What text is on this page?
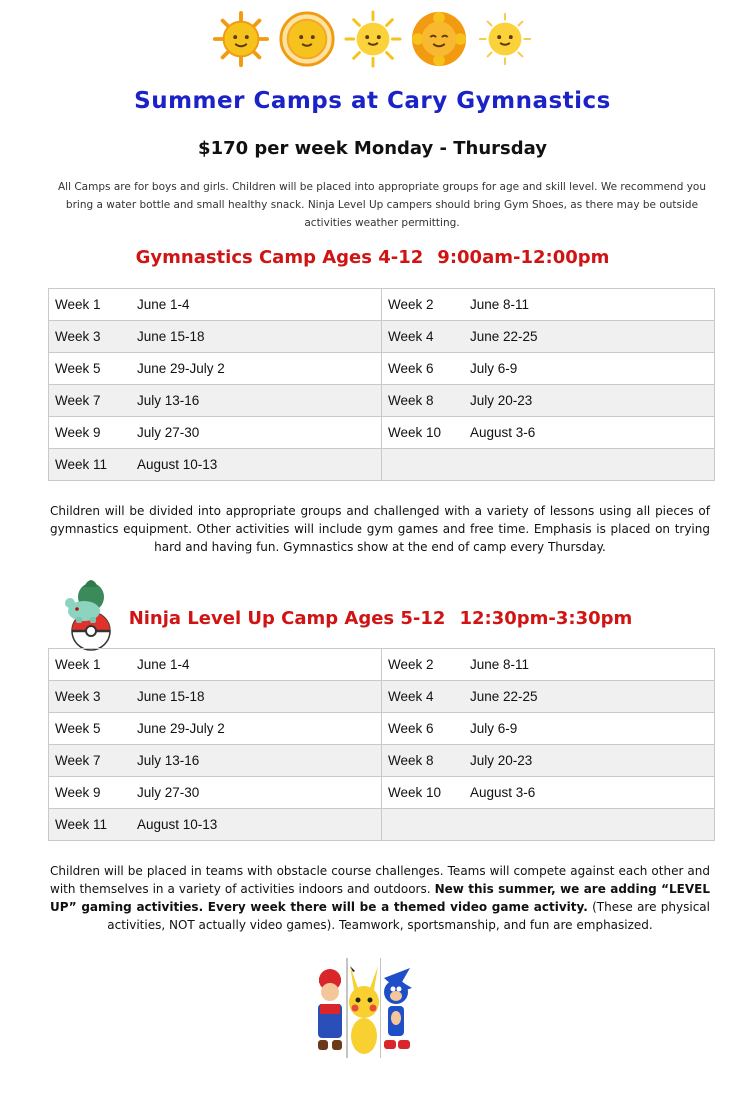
Summer Camps at Cary Gymnastics
$170 per week Monday - Thursday
All Camps are for boys and girls. Children will be placed into appropriate groups for age and skill level. We recommend you bring a water bottle and small healthy snack. Ninja Level Up campers should bring Gym Shoes, as there may be outside activities weather permitting.
Gymnastics Camp Ages 4-12 9:00am-12:00pm
Week 1 June 1-4	Week 2 June 8-11
Week 3 June 15-18	Week 4 June 22-25
Week 5 June 29-July 2	Week 6 July 6-9
Week 7 July 13-16	Week 8 July 20-23
Week 9 July 27-30	Week 10 August 3-6
Week 11 August 10-13	
Children will be divided into appropriate groups and challenged with a variety of lessons using all pieces of gymnastics equipment. Other activities will include gym games and free time. Emphasis is placed on trying hard and having fun. Gymnastics show at the end of camp every Thursday.
Ninja Level Up Camp Ages 5-12 12:30pm-3:30pm
Week 1 June 1-4	Week 2 June 8-11
Week 3 June 15-18	Week 4 June 22-25
Week 5 June 29-July 2	Week 6 July 6-9
Week 7 July 13-16	Week 8 July 20-23
Week 9 July 27-30	Week 10 August 3-6
Week 11 August 10-13	
Children will be placed in teams with obstacle course challenges. Teams will compete against each other and with themselves in a variety of activities indoors and outdoors. New this summer, we are adding “LEVEL UP” gaming activities. Every week there will be a themed video game activity. (These are physical activities, NOT actually video games). Teamwork, sportsmanship, and fun are emphasized.
